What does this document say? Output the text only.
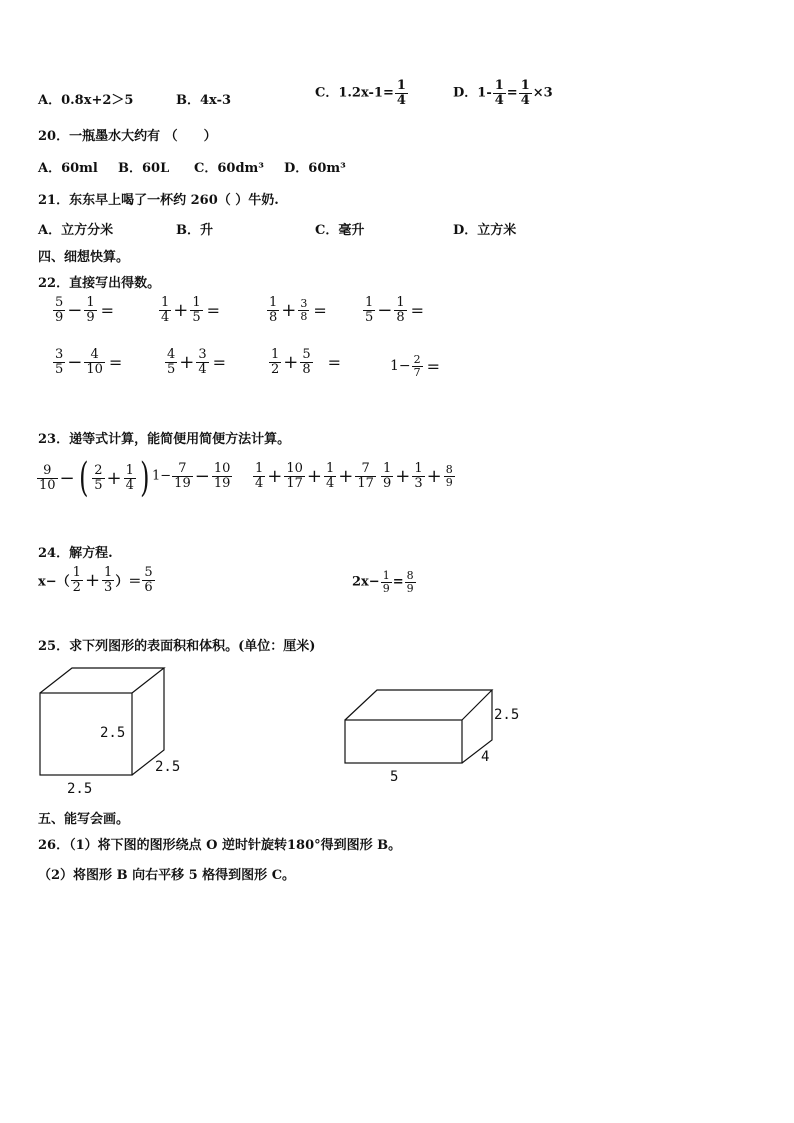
A．0.8x+2＞5	B．4x-3	C．$1.2x-1= \frac{1}{4}$	D．$1- \frac{1}{4} = \frac{1}{4} \times 3$
20．一瓶墨水大约有 （　　）
A．60ml B．60L C．60dm³ D．60m³
21．东东早上喝了一杯约 260（ ）牛奶.
A．立方分米	B．升	C．毫升	D．立方米
四、细想快算。
22．直接写出得数。
$\frac{5}{9} - \frac{1}{9}$ =	$\frac{1}{4} + \frac{1}{5}$ =	$\frac{1}{8} + \frac{3}{8}$ =	$\frac{1}{5} - \frac{1}{8}$ =
$\frac{3}{5} - \frac{4}{10}$ =	$\frac{4}{5} + \frac{3}{4}$ =	$\frac{1}{2} + \frac{5}{8}$ =	$1- \frac{2}{7}$ =
23．递等式计算，能简便用简便方法计算。
$\frac{9}{10}$ − ( $\frac{2}{5} + \frac{1}{4}$ ) $1- \frac{7}{19} - \frac{10}{19} \frac{1}{4} + \frac{10}{17} + \frac{1}{4} + \frac{7}{17} \frac{1}{9} + \frac{1}{3} + \frac{8}{9}$
24．解方程.
$x-( \frac{1}{2} + \frac{1}{3}$ ）＝ $\frac{5}{6}$	$2x- \frac{1}{9} = \frac{8}{9}$
25．求下列图形的表面积和体积。(单位：厘米)
2.5
2.5
2.5
2.5
4
5
五、能写会画。
26．（1）将下图的图形绕点 O 逆时针旋转180°得到图形 B。
（2）将图形 B 向右平移 5 格得到图形 C。
